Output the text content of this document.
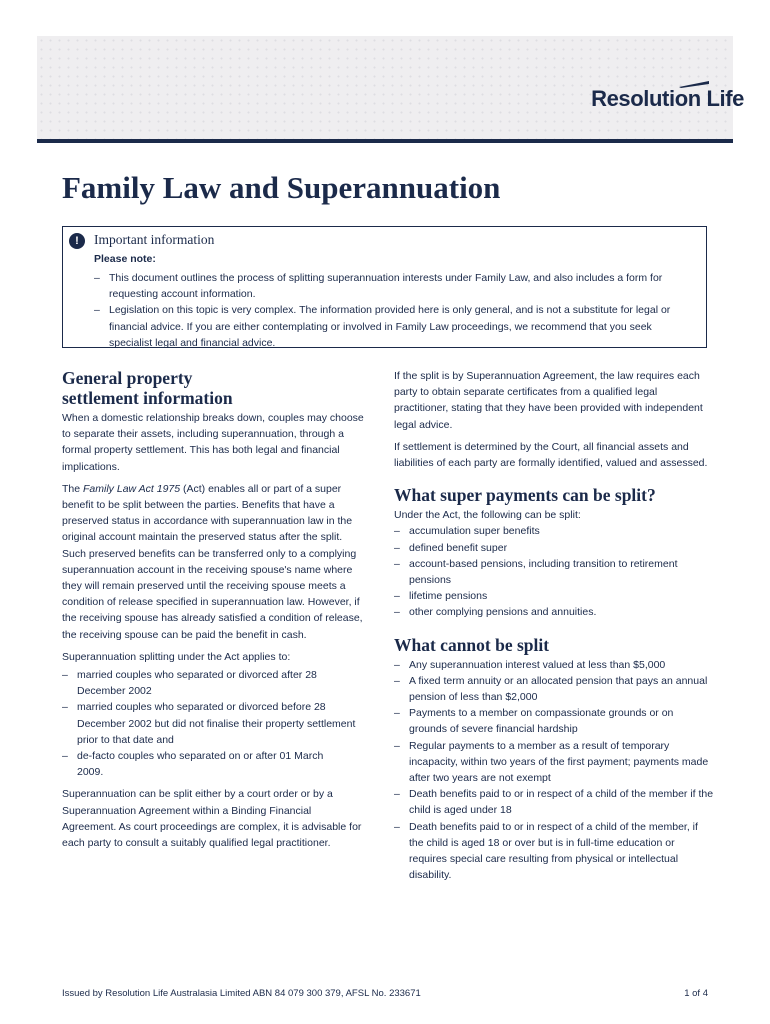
Resolution Life
Family Law and Superannuation
!	Important information
Please note:
– This document outlines the process of splitting superannuation interests under Family Law, and also includes a form for requesting account information.
– Legislation on this topic is very complex. The information provided here is only general, and is not a substitute for legal or financial advice. If you are either contemplating or involved in Family Law proceedings, we recommend that you seek specialist legal and financial advice.
General property settlement information

When a domestic relationship breaks down, couples may choose to separate their assets, including superannuation, through a formal property settlement. This has both legal and financial implications.

The Family Law Act 1975 (Act) enables all or part of a super benefit to be split between the parties. Benefits that have a preserved status in accordance with superannuation law in the original account maintain the preserved status after the split. Such preserved benefits can be transferred only to a complying superannuation account in the receiving spouse's name where they will remain preserved until the receiving spouse meets a condition of release specified in superannuation law. However, if the receiving spouse has already satisfied a condition of release, the receiving spouse can be paid the benefit in cash.

Superannuation splitting under the Act applies to:

– married couples who separated or divorced after 28 December 2002
– married couples who separated or divorced before 28 December 2002 but did not finalise their property settlement prior to that date and
– de-facto couples who separated on or after 01 March 2009.

Superannuation can be split either by a court order or by a Superannuation Agreement within a Binding Financial Agreement. As court proceedings are complex, it is advisable for each party to consult a suitably qualified legal practitioner.

If the split is by Superannuation Agreement, the law requires each party to obtain separate certificates from a qualified legal practitioner, stating that they have been provided with independent legal advice.

If settlement is determined by the Court, all financial assets and liabilities of each party are formally identified, valued and assessed.

What super payments can be split?

Under the Act, the following can be split:

– accumulation super benefits
– defined benefit super
– account-based pensions, including transition to retirement pensions
– lifetime pensions
– other complying pensions and annuities.
What cannot be split
– Any superannuation interest valued at less than $5,000
– A fixed term annuity or an allocated pension that pays an annual pension of less than $2,000
– Payments to a member on compassionate grounds or on grounds of severe financial hardship
– Regular payments to a member as a result of temporary incapacity, within two years of the first payment; payments made after two years are not exempt
– Death benefits paid to or in respect of a child of the member if the child is aged under 18
– Death benefits paid to or in respect of a child of the member, if the child is aged 18 or over but is in full-time education or requires special care resulting from physical or intellectual disability.
Issued by Resolution Life Australasia Limited ABN 84 079 300 379, AFSL No. 233671	1 of 4
